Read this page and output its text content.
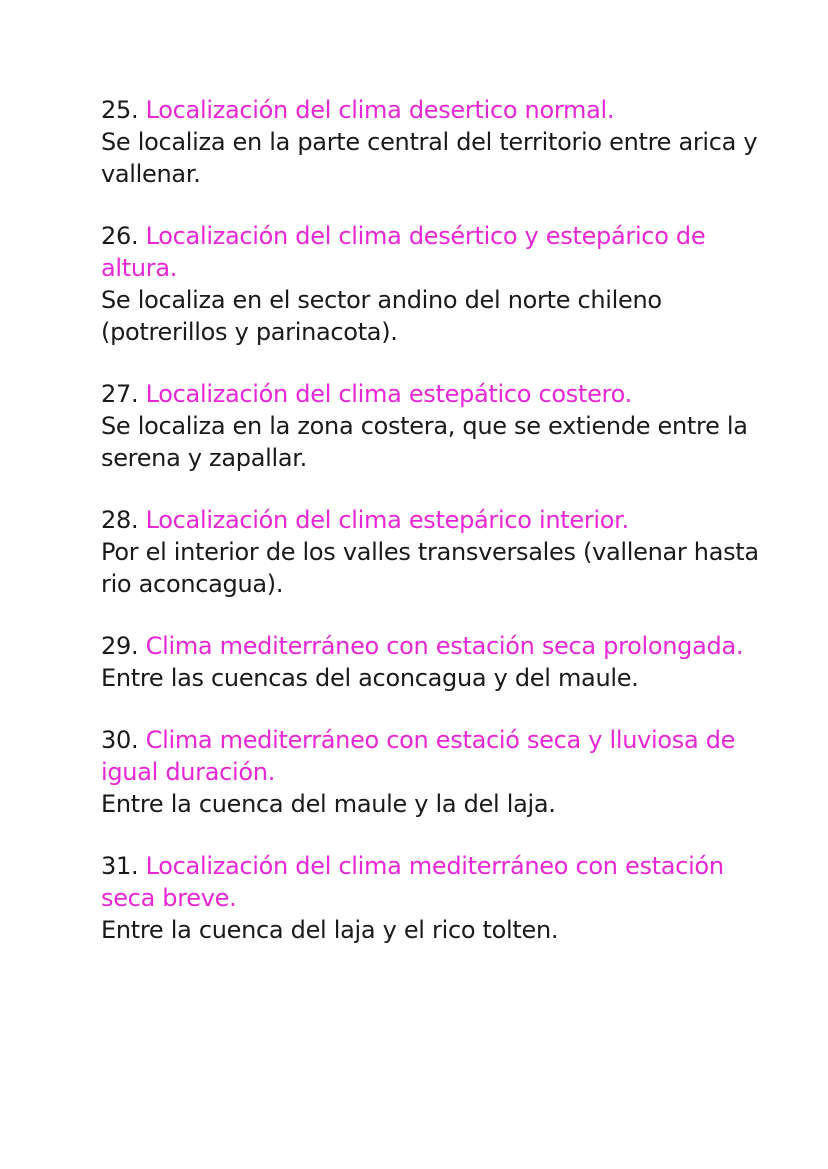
25. Localización del clima desertico normal.
Se localiza en la parte central del territorio entre arica y vallenar.
26. Localización del clima desértico y estepárico de altura.
Se localiza en el sector andino del norte chileno (potrerillos y parinacota).
27. Localización del clima estepático costero.
Se localiza en la zona costera, que se extiende entre la serena y zapallar.
28. Localización del clima estepárico interior.
Por el interior de los valles transversales (vallenar hasta rio aconcagua).
29. Clima mediterráneo con estación seca prolongada.
Entre las cuencas del aconcagua y del maule.
30. Clima mediterráneo con estació seca y lluviosa de igual duración.
Entre la cuenca del maule y la del laja.
31. Localización del clima mediterráneo con estación seca breve.
Entre la cuenca del laja y el rico tolten.
